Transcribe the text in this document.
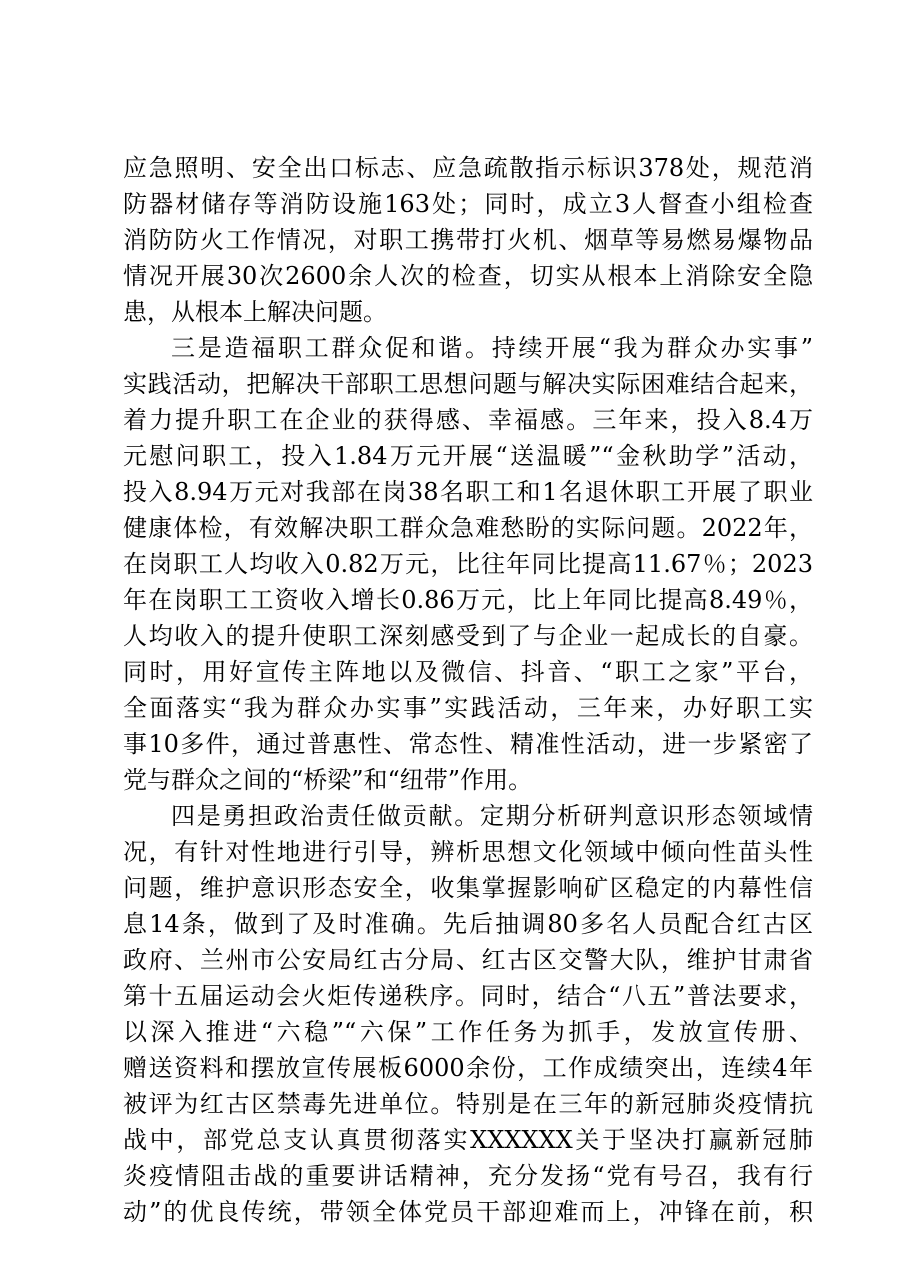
应急照明、安全出口标志、应急疏散指示标识378处，规范消
防器材储存等消防设施163处；同时，成立3人督查小组检查
消防防火工作情况，对职工携带打火机、烟草等易燃易爆物品
情况开展30次2600余人次的检查，切实从根本上消除安全隐
患，从根本上解决问题。
三是造福职工群众促和谐。持续开展“我为群众办实事”
实践活动，把解决干部职工思想问题与解决实际困难结合起来，
着力提升职工在企业的获得感、幸福感。三年来，投入8.4万
元慰问职工，投入1.84万元开展“送温暖”“金秋助学”活动，
投入8.94万元对我部在岗38名职工和1名退休职工开展了职业
健康体检，有效解决职工群众急难愁盼的实际问题。2022年，
在岗职工人均收入0.82万元，比往年同比提高11.67％；2023
年在岗职工工资收入增长0.86万元，比上年同比提高8.49％，
人均收入的提升使职工深刻感受到了与企业一起成长的自豪。
同时，用好宣传主阵地以及微信、抖音、“职工之家”平台，
全面落实“我为群众办实事”实践活动，三年来，办好职工实
事10多件，通过普惠性、常态性、精准性活动，进一步紧密了
党与群众之间的“桥梁”和“纽带”作用。
四是勇担政治责任做贡献。定期分析研判意识形态领域情
况，有针对性地进行引导，辨析思想文化领域中倾向性苗头性
问题，维护意识形态安全，收集掌握影响矿区稳定的内幕性信
息14条，做到了及时准确。先后抽调80多名人员配合红古区
政府、兰州市公安局红古分局、红古区交警大队，维护甘肃省
第十五届运动会火炬传递秩序。同时，结合“八五”普法要求，
以深入推进“六稳”“六保”工作任务为抓手，发放宣传册、
赠送资料和摆放宣传展板6000余份，工作成绩突出，连续4年
被评为红古区禁毒先进单位。特别是在三年的新冠肺炎疫情抗
战中，部党总支认真贯彻落实XXXXXX关于坚决打赢新冠肺
炎疫情阻击战的重要讲话精神，充分发扬“党有号召，我有行
动”的优良传统，带领全体党员干部迎难而上，冲锋在前，积
